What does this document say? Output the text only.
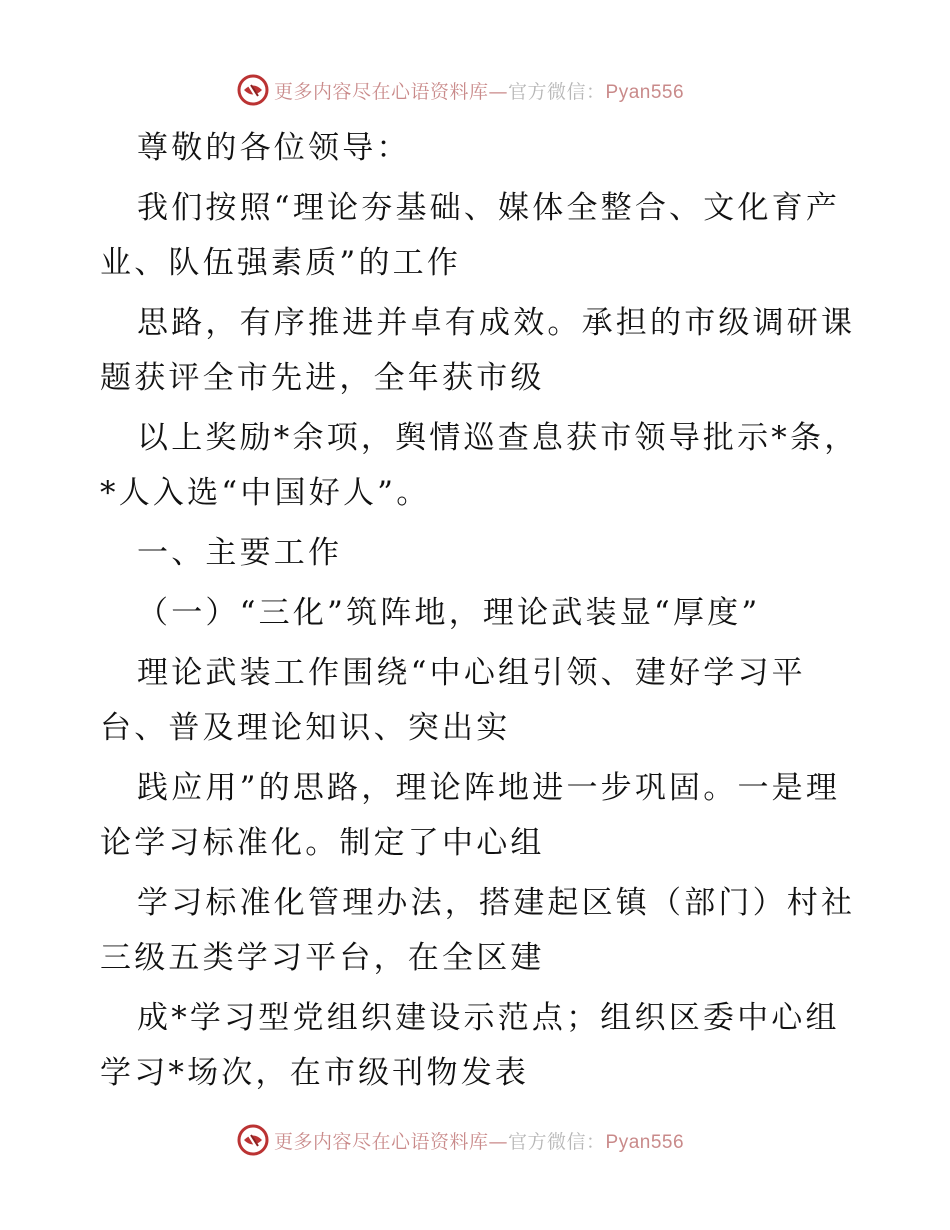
更多内容尽在心语资料库—官方微信：Pyan556
尊敬的各位领导：
我们按照“理论夯基础、媒体全整合、文化育产
业、队伍强素质”的工作
思路，有序推进并卓有成效。承担的市级调研课
题获评全市先进，全年获市级
以上奖励*余项，舆情巡查息获市领导批示*条，
*人入选“中国好人”。
一、主要工作
（一）“三化”筑阵地，理论武装显“厚度”
理论武装工作围绕“中心组引领、建好学习平
台、普及理论知识、突出实
践应用”的思路，理论阵地进一步巩固。一是理
论学习标准化。制定了中心组
学习标准化管理办法，搭建起区镇（部门）村社
三级五类学习平台，在全区建
成*学习型党组织建设示范点；组织区委中心组
学习*场次，在市级刊物发表
更多内容尽在心语资料库—官方微信：Pyan556
